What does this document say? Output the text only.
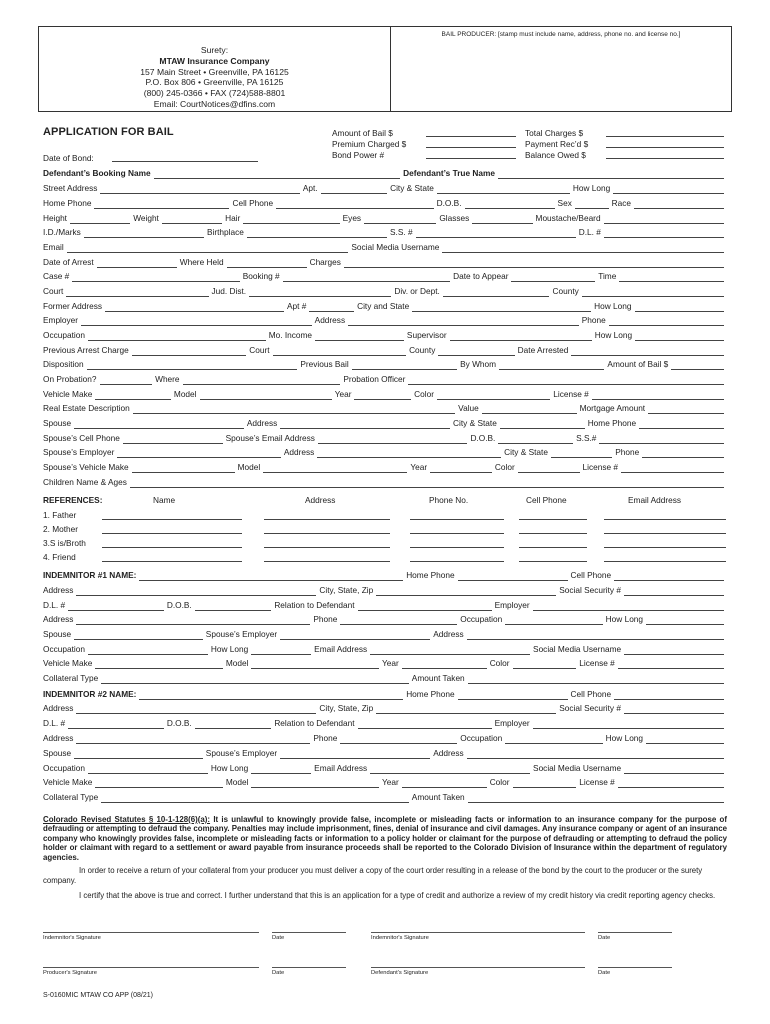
BAIL PRODUCER: [stamp must include name, address, phone no. and license no.]
Surety:
MTAW Insurance Company
157 Main Street • Greenville, PA 16125
P.O. Box 806 • Greenville, PA 16125
(800) 245-0366 • FAX (724)588-8801
Email: CourtNotices@dfins.com
APPLICATION FOR BAIL
Date of Bond:
Amount of Bail $
Premium Charged $
Bond Power #
Total Charges $
Payment Rec’d $
Balance Owed $
Defendant’s Booking Name	Defendant’s True Name
Street Address	Apt.	City & State	How Long
Home Phone	Cell Phone	D.O.B.	Sex	Race
Height	Weight	Hair	Eyes	Glasses	Moustache/Beard
I.D./Marks	Birthplace	S.S. #	D.L. #
Email	Social Media Username
Date of Arrest	Where Held	Charges
Case #	Booking #	Date to Appear	Time
Court	Jud. Dist.	Div. or Dept.	County
Former Address	Apt #	City and State	How Long
Employer	Address	Phone
Occupation	Mo. Income	Supervisor	How Long
Previous Arrest Charge	Court	County	Date Arrested
Disposition	Previous Bail	By Whom	Amount of Bail $
On Probation?	Where	Probation Officer
Vehicle Make	Model	Year	Color	License #
Real Estate Description	Value	Mortgage Amount
Spouse	Address	City & State	Home Phone
Spouse’s Cell Phone	Spouse’s Email Address	D.O.B.	S.S.#
Spouse’s Employer	Address	City & State	Phone
Spouse’s Vehicle Make	Model	Year	Color	License #
Children Name & Ages
INDEMNITOR #1 NAME:	Home Phone	Cell Phone
Address	City, State, Zip	Social Security #
D.L. #	D.O.B.	Relation to Defendant	Employer
Address	Phone	Occupation	How Long
Spouse	Spouse’s Employer	Address
Occupation	How Long	Email Address	Social Media Username
Vehicle Make	Model	Year	Color	License #
Collateral Type	Amount Taken
INDEMNITOR #2 NAME:	Home Phone	Cell Phone
Address	City, State, Zip	Social Security #
D.L. #	D.O.B.	Relation to Defendant	Employer
Address	Phone	Occupation	How Long
Spouse	Spouse’s Employer	Address
Occupation	How Long	Email Address	Social Media Username
Vehicle Make	Model	Year	Color	License #
Collateral Type	Amount Taken
REFERENCES:	Name	Address	Phone No.	Cell Phone	Email Address
1. Father
2. Mother
3.S is/Broth
4. Friend
Colorado Revised Statutes § 10-1-128(6)(a): It is unlawful to knowingly provide false, incomplete or misleading facts or information to an insurance company for the purpose of defrauding or attempting to defraud the company. Penalties may include imprisonment, fines, denial of insurance and civil damages. Any insurance company or agent of an insurance company who knowingly provides false, incomplete or misleading facts or information to a policy holder or claimant for the purpose of defrauding or attempting to defraud the policy holder or claimant with regard to a settlement or award payable from insurance proceeds shall be reported to the Colorado Division of Insurance within the department of regulatory agencies.
In order to receive a return of your collateral from your producer you must deliver a copy of the court order resulting in a release of the bond by the court to the producer or the surety company.
I certify that the above is true and correct. I further understand that this is an application for a type of credit and authorize a review of my credit history via credit reporting agency checks.
Indemnitor's Signature	Date	Indemnitor's Signature	Date
Producer's Signature	Date	Defendant's Signature	Date
S-0160MIC MTAW CO APP (08/21)
